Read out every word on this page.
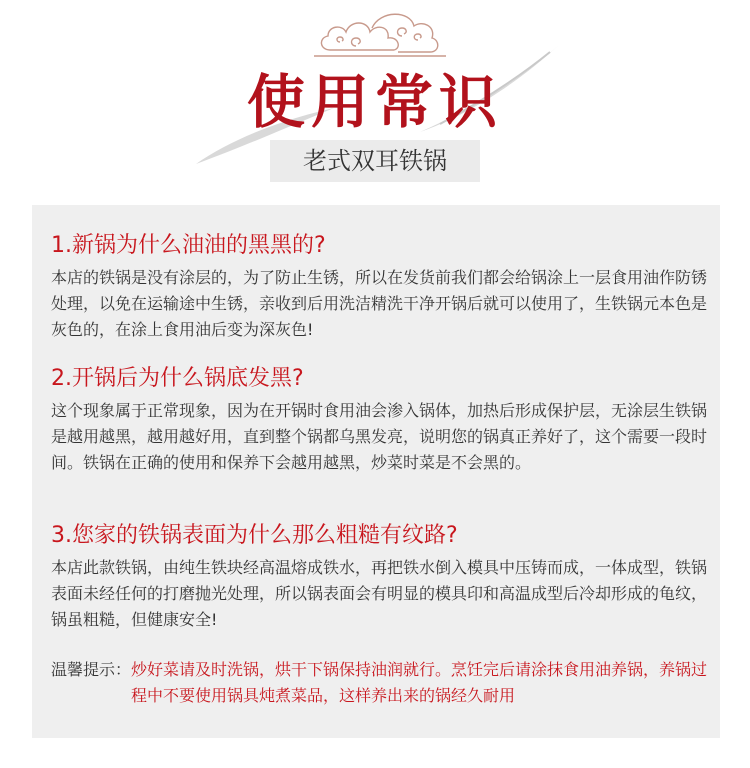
使用常识
老式双耳铁锅
1.新锅为什么油油的黑黑的?
本店的铁锅是没有涂层的，为了防止生锈，所以在发货前我们都会给锅涂上一层食用油作防锈处理，以免在运输途中生锈，亲收到后用洗洁精洗干净开锅后就可以使用了，生铁锅元本色是灰色的，在涂上食用油后变为深灰色!
2.开锅后为什么锅底发黑?
这个现象属于正常现象，因为在开锅时食用油会渗入锅体，加热后形成保护层，无涂层生铁锅是越用越黑，越用越好用，直到整个锅都乌黑发亮，说明您的锅真正养好了，这个需要一段时间。铁锅在正确的使用和保养下会越用越黑，炒菜时菜是不会黑的。
3.您家的铁锅表面为什么那么粗糙有纹路?
本店此款铁锅，由纯生铁块经高温熔成铁水，再把铁水倒入模具中压铸而成，一体成型，铁锅表面未经任何的打磨抛光处理，所以锅表面会有明显的模具印和高温成型后冷却形成的龟纹，锅虽粗糙，但健康安全!
温馨提示： 炒好菜请及时洗锅，烘干下锅保持油润就行。烹饪完后请涂抹食用油养锅，养锅过程中不要使用锅具炖煮菜品，这样养出来的锅经久耐用
